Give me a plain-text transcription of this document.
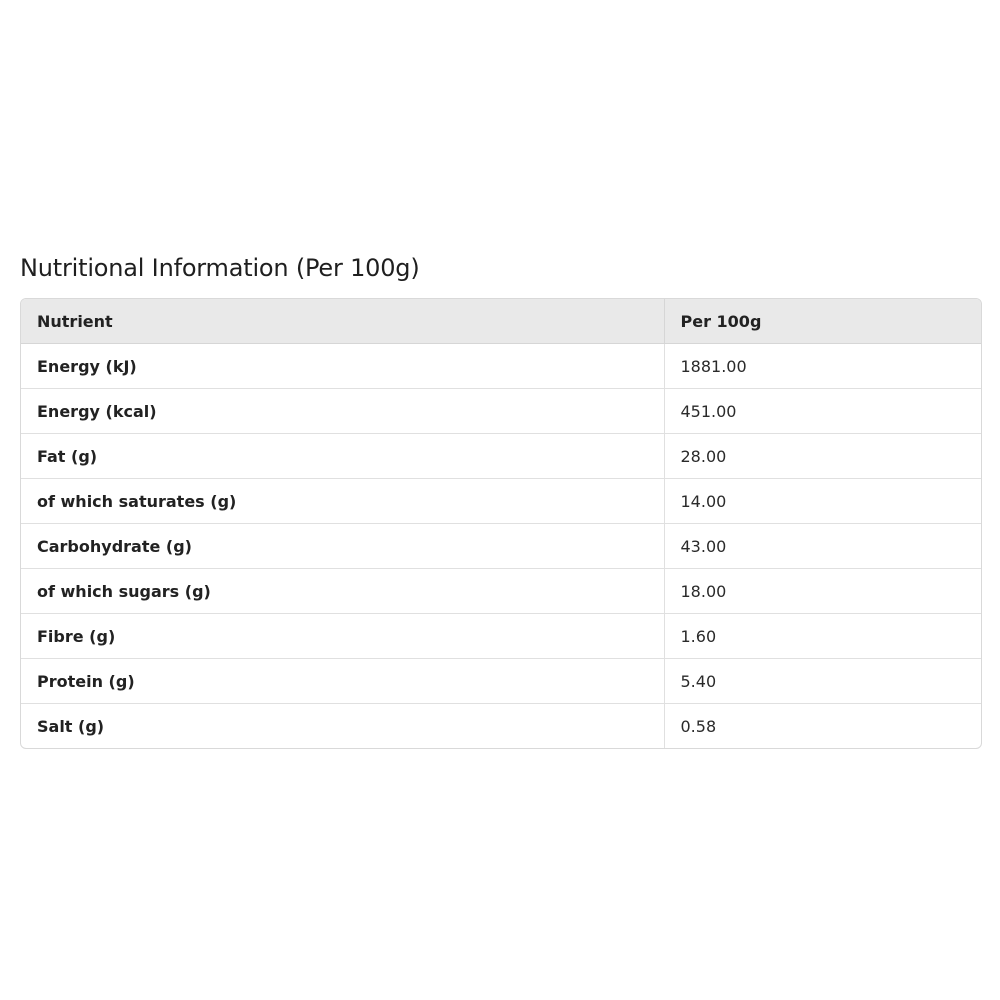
Nutritional Information (Per 100g)
Nutrient	Per 100g
Energy (kJ)	1881.00
Energy (kcal)	451.00
Fat (g)	28.00
of which saturates (g)	14.00
Carbohydrate (g)	43.00
of which sugars (g)	18.00
Fibre (g)	1.60
Protein (g)	5.40
Salt (g)	0.58
